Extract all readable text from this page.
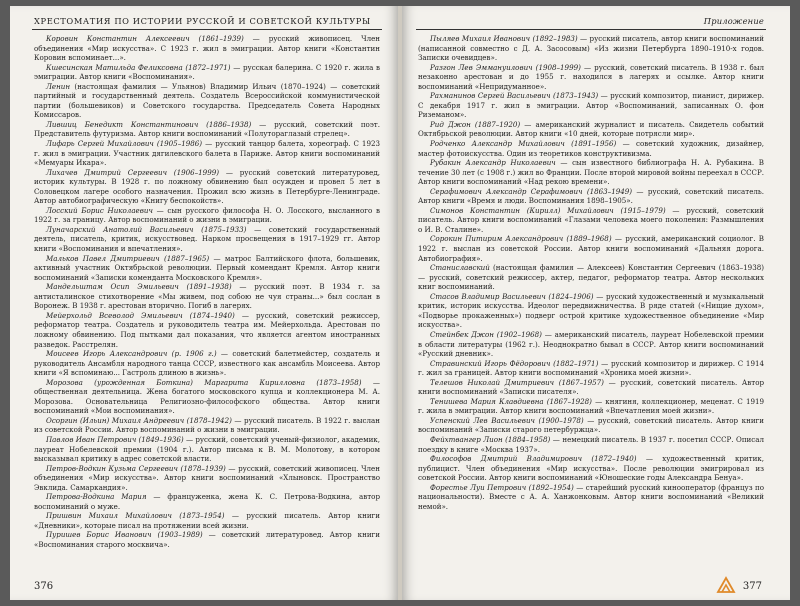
ХРЕСТОМАТИЯ ПО ИСТОРИИ РУССКОЙ И СОВЕТСКОЙ КУЛЬТУРЫ

Коровин Константин Алексеевич (1861–1939) — русский живописец. Член объединения «Мир искусства». С 1923 г. жил в эмиграции. Автор книги «Константин Коровин вспоминает...».

Кшесинская Матильда Феликсовна (1872–1971) — русская балерина. С 1920 г. жила в эмиграции. Автор книги «Воспоминания».

Ленин (настоящая фамилия — Ульянов) Владимир Ильич (1870–1924) — советский партийный и государственный деятель. Создатель Всероссийской коммунистической партии (большевиков) и Советского государства. Председатель Совета Народных Комиссаров.

Лившиц Бенедикт Константинович (1886–1938) — русский, советский поэт. Представитель футуризма. Автор книги воспоминаний «Полутораглазый стрелец».

Лифарь Сергей Михайлович (1905–1986) — русский танцор балета, хореограф. С 1923 г. жил в эмиграции. Участник дягилевского балета в Париже. Автор книги воспоминаний «Мемуары Икара».

Лихачев Дмитрий Сергеевич (1906–1999) — русский советский литературовед, историк культуры. В 1928 г. по ложному обвинению был осужден и провел 5 лет в Соловецком лагере особого назначения. Прожил всю жизнь в Петербурге-Ленинграде. Автор автобиографическую «Книгу беспокойств».

Лосский Борис Николаевич — сын русского философа Н. О. Лосского, высланного в 1922 г. за границу. Автор воспоминаний о жизни в эмиграции.

Луначарский Анатолий Васильевич (1875–1933) — советский государственный деятель, писатель, критик, искусствовед. Нарком просвещения в 1917–1929 гг. Автор книги «Воспоминания и впечатления».

Мальков Павел Дмитриевич (1887–1965) — матрос Балтийского флота, большевик, активный участник Октябрьской революции. Первый комендант Кремля. Автор книги воспоминаний «Записки коменданта Московского Кремля».

Мандельштам Осип Эмильевич (1891–1938) — русский поэт. В 1934 г. за антисталинское стихотворение «Мы живем, под собою не чуя страны...» был сослан в Воронеж. В 1938 г. арестован вторично. Погиб в лагерях.

Мейерхольд Всеволод Эмильевич (1874–1940) — русский, советский режиссер, реформатор театра. Создатель и руководитель театра им. Мейерхольда. Арестован по ложному обвинению. Под пытками дал показания, что является агентом иностранных разведок. Расстрелян.

Моисеев Игорь Александрович (р. 1906 г.) — советский балетмейстер, создатель и руководитель Ансамбля народного танца СССР, известного как ансамбль Моисеева. Автор книги «Я вспоминаю... Гастроль длиною в жизнь».

Морозова (урожденная Боткина) Маргарита Кирилловна (1873–1958) — общественная деятельница. Жена богатого московского купца и коллекционера М. А. Морозова. Основательница Религиозно-философского общества. Автор книги воспоминаний «Мои воспоминания».

Осоргин (Ильин) Михаил Андреевич (1878–1942) — русский писатель. В 1922 г. выслан из советской России. Автор воспоминаний о жизни в эмиграции.

Павлов Иван Петрович (1849–1936) — русский, советский ученый-физиолог, академик, лауреат Нобелевской премии (1904 г.). Автор письма к В. М. Молотову, в котором высказывал критику в адрес советской власти.

Петров-Водкин Кузьма Сергеевич (1878–1939) — русский, советский живописец. Член объединения «Мир искусства». Автор книги воспоминаний «Хлыновск. Пространство Эвклида. Самаркандия».

Петрова-Водкина Мария — француженка, жена К. С. Петрова-Водкина, автор воспоминаний о муже.

Пришвин Михаил Михайлович (1873–1954) — русский писатель. Автор книги «Дневники», которые писал на протяжении всей жизни.

Пуришев Борис Иванович (1903–1989) — советский литературовед. Автор книги «Воспоминания старого москвича».

376
Приложение

Пыляев Михаил Иванович (1892–1983) — русский писатель, автор книги воспоминаний (написанной совместно с Д. А. Засосовым) «Из жизни Петербурга 1890–1910-х годов. Записки очевидцев».

Разгон Лев Эммануилович (1908–1999) — русский, советский писатель. В 1938 г. был незаконно арестован и до 1955 г. находился в лагерях и ссылке. Автор книги воспоминаний «Непридуманное».

Рахманинов Сергей Васильевич (1873–1943) — русский композитор, пианист, дирижер. С декабря 1917 г. жил в эмиграции. Автор «Воспоминаний, записанных О. фон Риземаном».

Рид Джон (1887–1920) — американский журналист и писатель. Свидетель событий Октябрьской революции. Автор книги «10 дней, которые потрясли мир».

Родченко Александр Михайлович (1891–1956) — советский художник, дизайнер, мастер фотоискусства. Один из теоретиков конструктивизма.

Рубакин Александр Николаевич — сын известного библиографа Н. А. Рубакина. В течение 30 лет (с 1908 г.) жил во Франции. После второй мировой войны переехал в СССР. Автор книги воспоминаний «Над рекою времени».

Серафимович Александр Серафимович (1863–1949) — русский, советский писатель. Автор книги «Время и люди. Воспоминания 1898–1905».

Симонов Константин (Кирилл) Михайлович (1915–1979) — русский, советский писатель. Автор книги воспоминаний «Глазами человека моего поколения: Размышления о И. В. Сталине».

Сорокин Питирим Александрович (1889–1968) — русский, американский социолог. В 1922 г. выслан из советской России. Автор книги воспоминаний «Дальняя дорога. Автобиография».

Станиславский (настоящая фамилия — Алексеев) Константин Сергеевич (1863–1938) — русский, советский режиссер, актер, педагог, реформатор театра. Автор нескольких книг воспоминаний.

Стасов Владимир Васильевич (1824–1906) — русский художественный и музыкальный критик, историк искусства. Идеолог передвижничества. В ряде статей («Нищие духом», «Подворье прокаженных») подверг острой критике художественное объединение «Мир искусства».

Стейнбек Джон (1902–1968) — американский писатель, лауреат Нобелевской премии в области литературы (1962 г.). Неоднократно бывал в СССР. Автор книги воспоминаний «Русский дневник».

Стравинский Игорь Фёдорович (1882–1971) — русский композитор и дирижер. С 1914 г. жил за границей. Автор книги воспоминаний «Хроника моей жизни».

Телешов Николай Дмитриевич (1867–1957) — русский, советский писатель. Автор книги воспоминаний «Записки писателя».

Тенишева Мария Клавдиевна (1867–1928) — княгиня, коллекционер, меценат. С 1919 г. жила в эмиграции. Автор книги воспоминаний «Впечатления моей жизни».

Успенский Лев Васильевич (1900–1978) — русский, советский писатель. Автор книги воспоминаний «Записки старого петербуржца».

Фейхтвангер Лион (1884–1958) — немецкий писатель. В 1937 г. посетил СССР. Описал поездку в книге «Москва 1937».

Философов Дмитрий Владимирович (1872–1940) — художественный критик, публицист. Член объединения «Мир искусства». После революции эмигрировал из советской России. Автор книги воспоминаний «Юношеские годы Александра Бенуа».

Форестье Луи Петрович (1892–1954) — старейший русский кинооператор (француз по национальности). Вместе с А. А. Ханжонковым. Автор книги воспоминаний «Великий немой».

377
